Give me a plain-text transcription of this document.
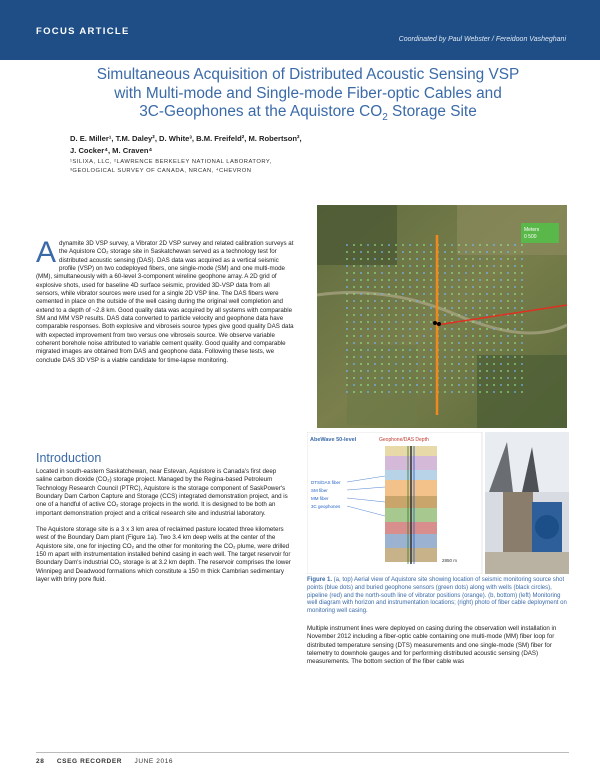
FOCUS ARTICLE
Coordinated by Paul Webster / Fereidoon Vasheghani
Simultaneous Acquisition of Distributed Acoustic Sensing VSP
with Multi-mode and Single-mode Fiber-optic Cables and
3C-Geophones at the Aquistore $CO_2$ Storage Site
D. E. Miller¹, T.M. Daley², D. White³, B.M. Freifeld², M. Robertson²,
J. Cocker⁴, M. Craven⁴
¹SILIXA, LLC, ²LAWRENCE BERKELEY NATIONAL LABORATORY,
³GEOLOGICAL SURVEY OF CANADA, NRCAN, ⁴CHEVRON
A dynamite 3D VSP survey, a Vibrator 2D VSP survey and related calibration surveys at the Aquistore CO₂ storage site in Saskatchewan served as a technology test for distributed acoustic sensing (DAS). DAS data was acquired as a vertical seismic profile (VSP) on two codeployed fibers, one single-mode (SM) and one multi-mode (MM), simultaneously with a 60-level 3-component wireline geophone array. A 2D grid of explosive shots, used for baseline 4D surface seismic, provided 3D-VSP data from all sensors, while vibrator sources were used for a single 2D VSP line. The DAS fibers were cemented in place on the outside of the well casing during the original well completion and extend to a depth of ~2.8 km. Good quality data was acquired by all systems with comparable SM and MM VSP results. DAS data converted to particle velocity and geophone data have comparable responses. Both explosive and vibroseis source types give good quality DAS data with expected improvement from two versus one vibroseis source. We observe variable coherent borehole noise attributed to variable cement quality. Good quality and comparable migrated images are obtained from DAS and geophone data. Following these tests, we conclude DAS 3D VSP is a viable candidate for time-lapse monitoring.
Introduction

Located in south-eastern Saskatchewan, near Estevan, Aquistore is Canada's first deep saline carbon dioxide (CO₂) storage project. Managed by the Regina-based Petroleum Technology Research Council (PTRC), Aquistore is the storage component of SaskPower's Boundary Dam Carbon Capture and Storage (CCS) integrated demonstration project, and is one of a handful of active CO₂ storage projects in the world. It is designed to be both an important demonstration project and a critical research site and industrial laboratory.

The Aquistore storage site is a 3 x 3 km area of reclaimed pasture located three kilometers west of the Boundary Dam plant (Figure 1a). Two 3.4 km deep wells at the center of the Aquistore site, one for injecting CO₂ and the other for monitoring the CO₂ plume, were drilled 150 m apart with instrumentation installed behind casing in each well. The target reservoir for Boundary Dam's industrial CO₂ storage is at 3.2 km depth. The reservoir comprises the lower Winnipeg and Deadwood formations which constitute a 150 m thick Cambrian sedimentary layer with briny pore fluid.

Meters
0 500
AbeWave 50-level	Geophone/DAS Depth
DTS/DAS fiber
SM fiber
MM fiber
3C geophones
2850 m
Figure 1. (a, top) Aerial view of Aquistore site showing location of seismic monitoring source shot points (blue dots) and buried geophone sensors (green dots) along with wells (black circles), pipeline (red) and the north-south line of vibrator positions (orange). (b, bottom) (left) Monitoring well diagram with horizon and instrumentation locations; (right) photo of fiber cable deployment on monitoring well casing.
Multiple instrument lines were deployed on casing during the observation well installation in November 2012 including a fiber-optic cable containing one multi-mode (MM) fiber loop for distributed temperature sensing (DTS) measurements and one single-mode (SM) fiber for telemetry to downhole gauges and for performing distributed acoustic sensing (DAS) measurements. The bottom section of the fiber cable was
28 CSEG RECORDER JUNE 2016
